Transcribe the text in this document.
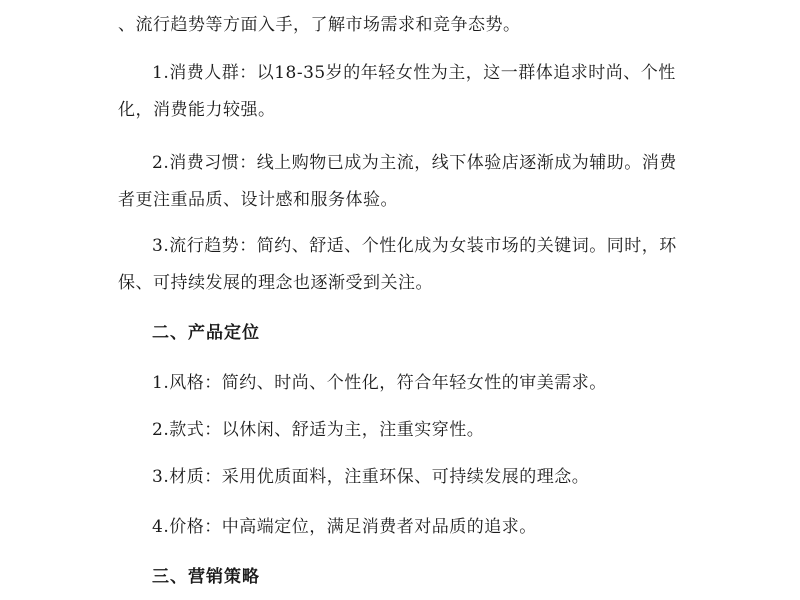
、流行趋势等方面入手，了解市场需求和竞争态势。

1.消费人群：以18-35岁的年轻女性为主，这一群体追求时尚、个性化，消费能力较强。

2.消费习惯：线上购物已成为主流，线下体验店逐渐成为辅助。消费者更注重品质、设计感和服务体验。

3.流行趋势：简约、舒适、个性化成为女装市场的关键词。同时，环保、可持续发展的理念也逐渐受到关注。

二、产品定位

1.风格：简约、时尚、个性化，符合年轻女性的审美需求。

2.款式：以休闲、舒适为主，注重实穿性。

3.材质：采用优质面料，注重环保、可持续发展的理念。

4.价格：中高端定位，满足消费者对品质的追求。

三、营销策略
